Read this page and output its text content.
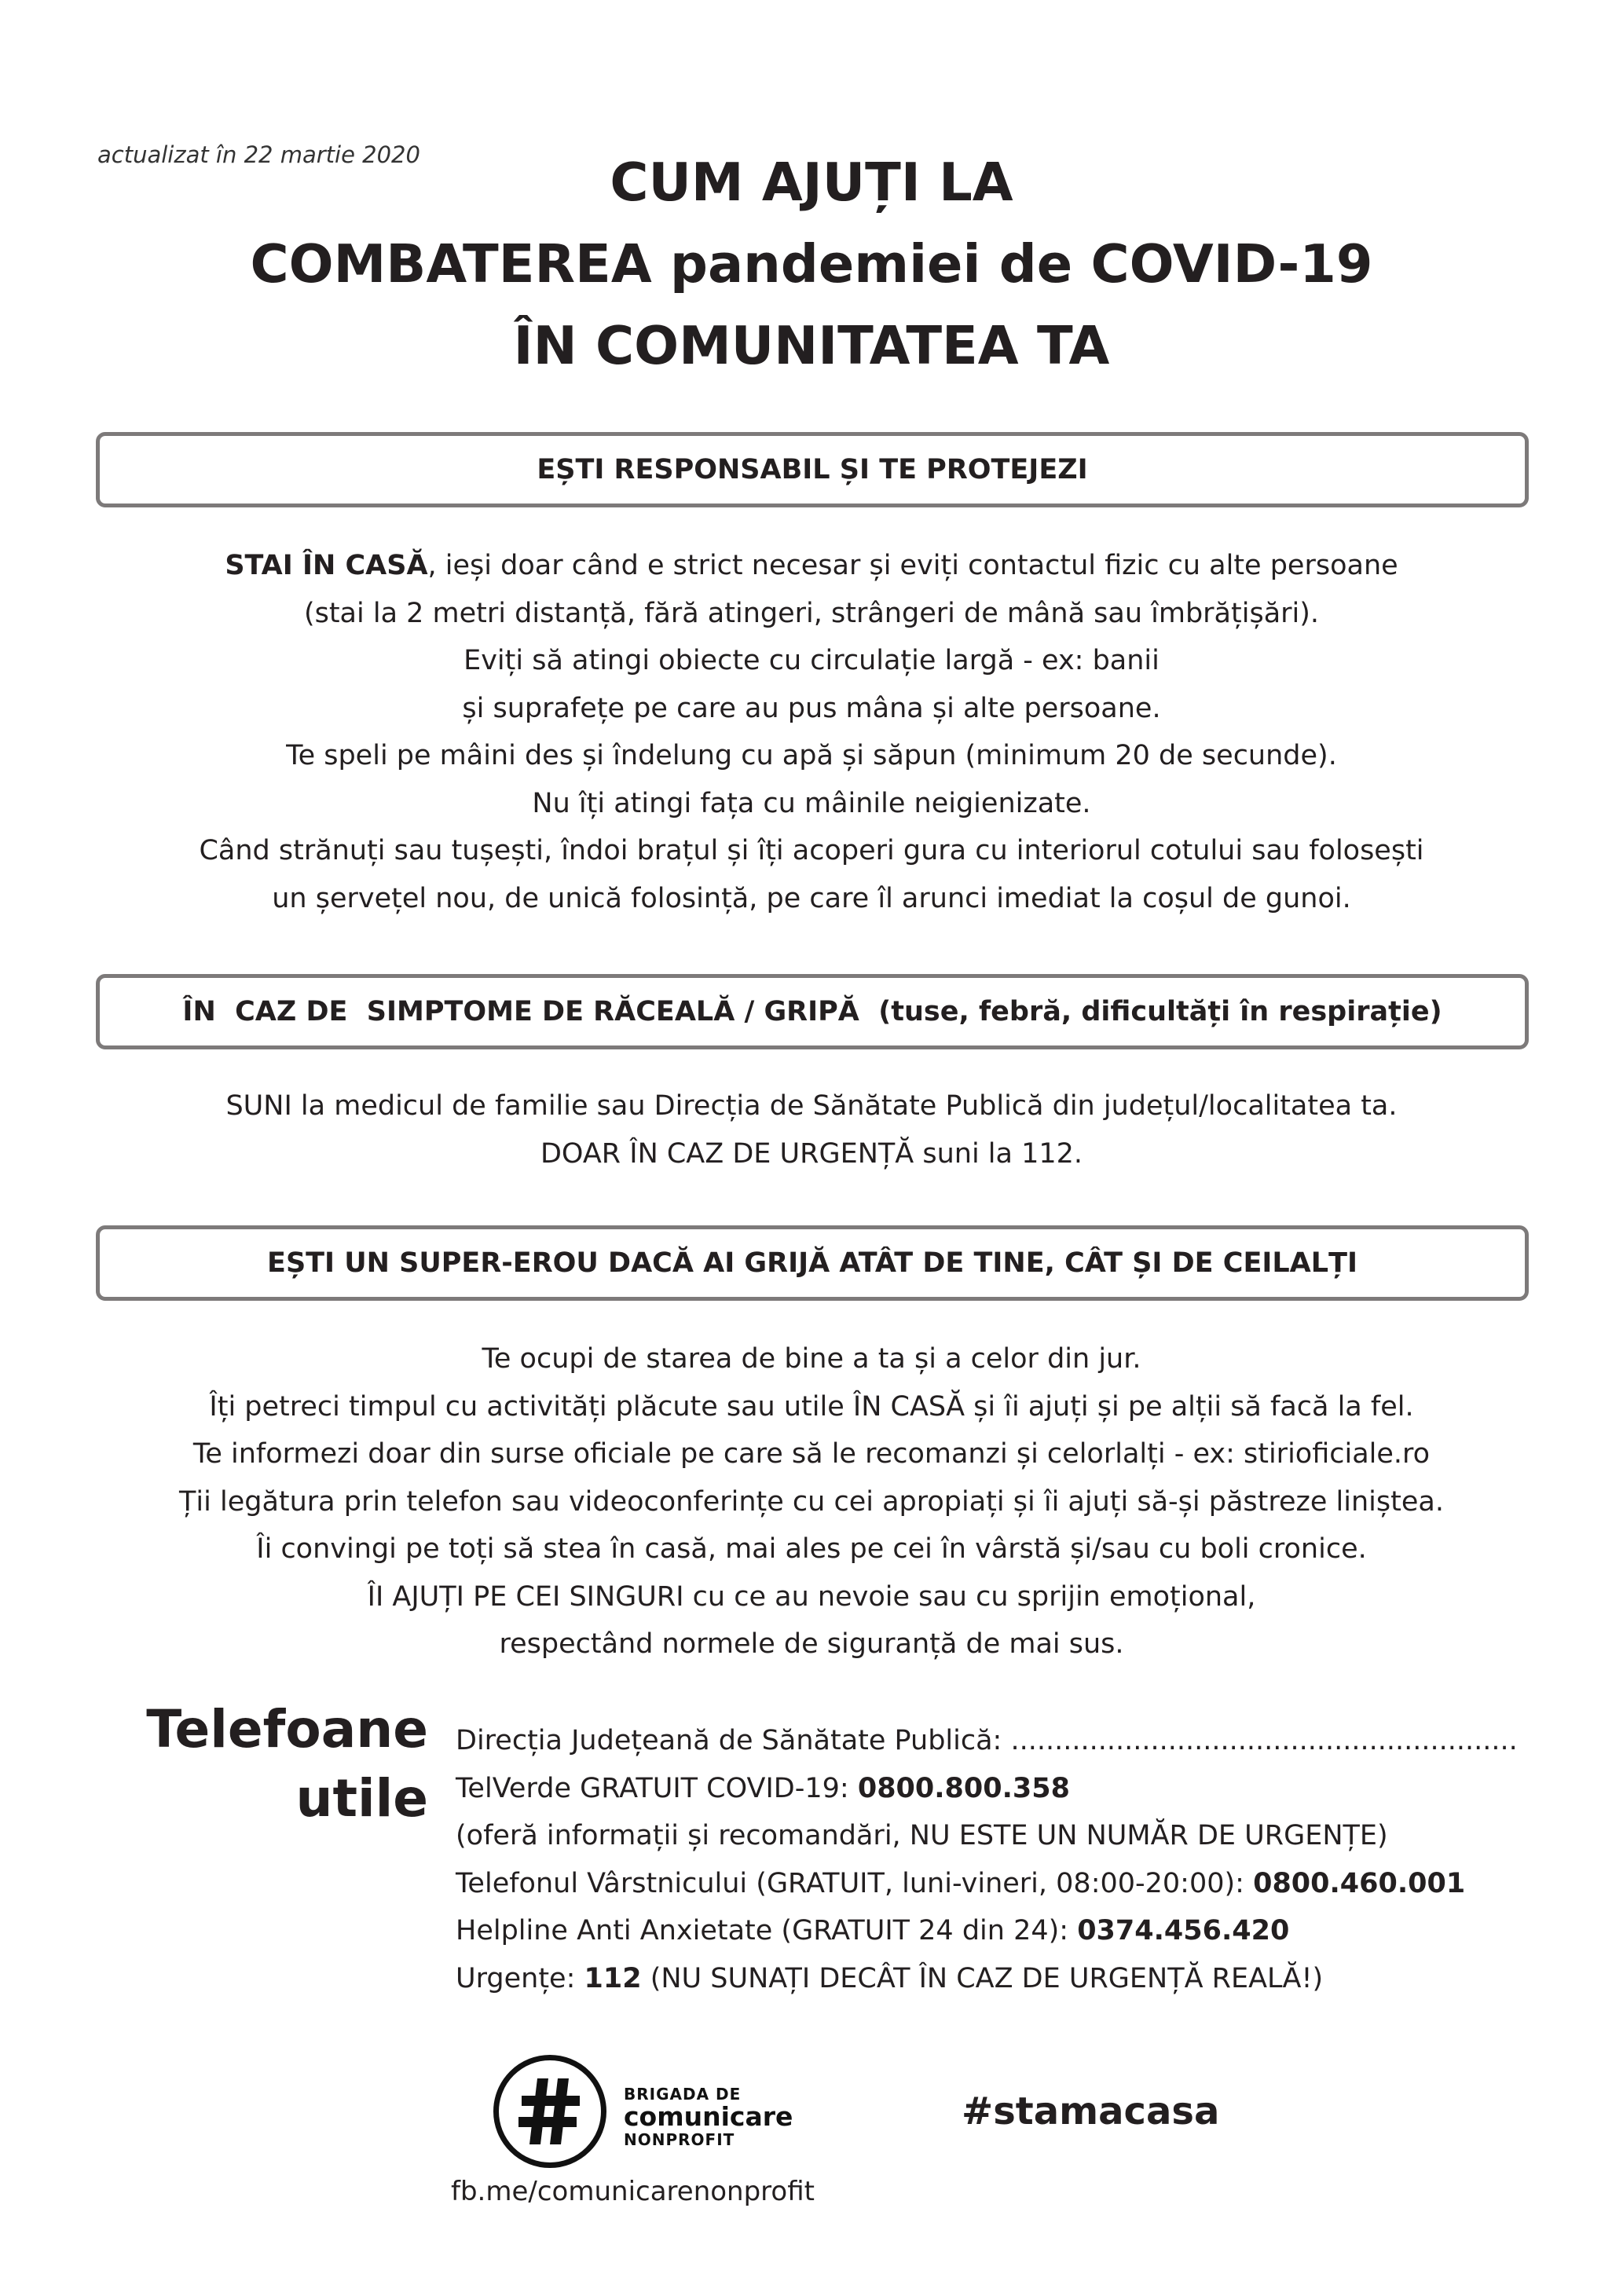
actualizat în 22 martie 2020	CUM AJUȚI LA
COMBATEREA pandemiei de COVID-19
ÎN COMUNITATEA TA
EȘTI RESPONSABIL ȘI TE PROTEJEZI
STAI ÎN CASĂ, ieși doar când e strict necesar și eviți contactul fizic cu alte persoane
(stai la 2 metri distanță, fără atingeri, strângeri de mână sau îmbrățișări).
Eviți să atingi obiecte cu circulație largă - ex: banii
și suprafețe pe care au pus mâna și alte persoane.
Te speli pe mâini des și îndelung cu apă și săpun (minimum 20 de secunde).
Nu îți atingi fața cu mâinile neigienizate.
Când strănuți sau tușești, îndoi brațul și îți acoperi gura cu interiorul cotului sau folosești
un șervețel nou, de unică folosință, pe care îl arunci imediat la coșul de gunoi.
ÎN  CAZ DE  SIMPTOME DE RĂCEALĂ / GRIPĂ  (tuse, febră, dificultăți în respirație)
SUNI la medicul de familie sau Direcția de Sănătate Publică din județul/localitatea ta.
DOAR ÎN CAZ DE URGENȚĂ suni la 112.
EȘTI UN SUPER-EROU DACĂ AI GRIJĂ ATÂT DE TINE, CÂT ȘI DE CEILALȚI
Te ocupi de starea de bine a ta și a celor din jur.
Îți petreci timpul cu activități plăcute sau utile ÎN CASĂ și îi ajuți și pe alții să facă la fel.
Te informezi doar din surse oficiale pe care să le recomanzi și celorlalți - ex: stirioficiale.ro
Ții legătura prin telefon sau videoconferințe cu cei apropiați și îi ajuți să-și păstreze liniștea.
Îi convingi pe toți să stea în casă, mai ales pe cei în vârstă și/sau cu boli cronice.
ÎI AJUȚI PE CEI SINGURI cu ce au nevoie sau cu sprijin emoțional,
respectând normele de siguranță de mai sus.
Telefoane
utile
Direcția Județeană de Sănătate Publică: ..........................................................
TelVerde GRATUIT COVID-19: 0800.800.358
(oferă informații și recomandări, NU ESTE UN NUMĂR DE URGENȚE)
Telefonul Vârstnicului (GRATUIT, luni-vineri, 08:00-20:00): 0800.460.001
Helpline Anti Anxietate (GRATUIT 24 din 24): 0374.456.420
Urgențe: 112 (NU SUNAȚI DECÂT ÎN CAZ DE URGENȚĂ REALĂ!)
BRIGADA DE
comunicare
NONPROFIT
fb.me/comunicarenonprofit
#stamacasa
